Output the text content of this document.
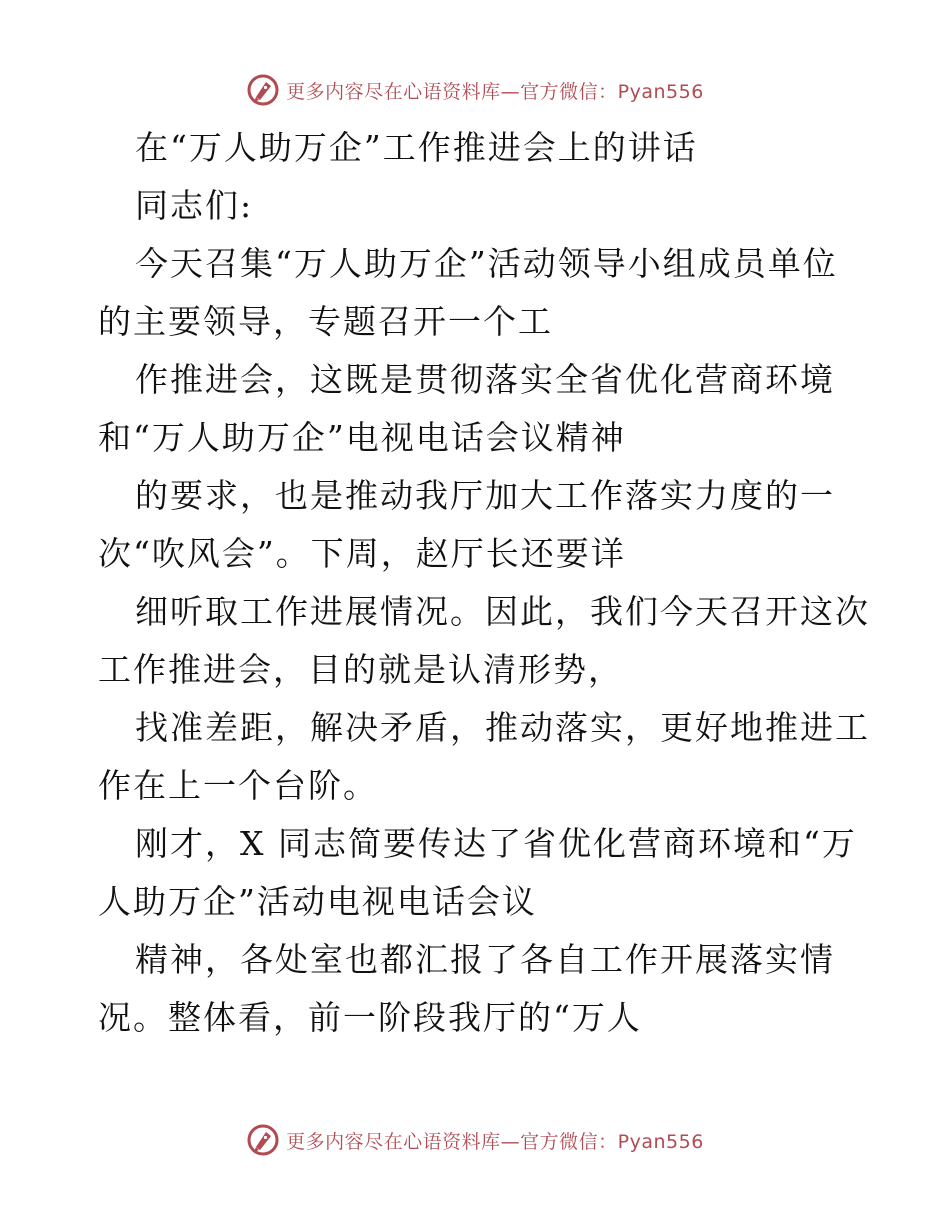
更多内容尽在心语资料库—官方微信：Pyan556
在“万人助万企”工作推进会上的讲话
同志们:
今天召集“万人助万企”活动领导小组成员单位
的主要领导，专题召开一个工
作推进会，这既是贯彻落实全省优化营商环境
和“万人助万企”电视电话会议精神
的要求，也是推动我厅加大工作落实力度的一
次“吹风会”。下周，赵厅长还要详
细听取工作进展情况。因此，我们今天召开这次
工作推进会，目的就是认清形势，
找准差距，解决矛盾，推动落实，更好地推进工
作在上一个台阶。
刚才，X 同志简要传达了省优化营商环境和“万
人助万企”活动电视电话会议
精神，各处室也都汇报了各自工作开展落实情
况。整体看，前一阶段我厅的“万人
更多内容尽在心语资料库—官方微信：Pyan556
